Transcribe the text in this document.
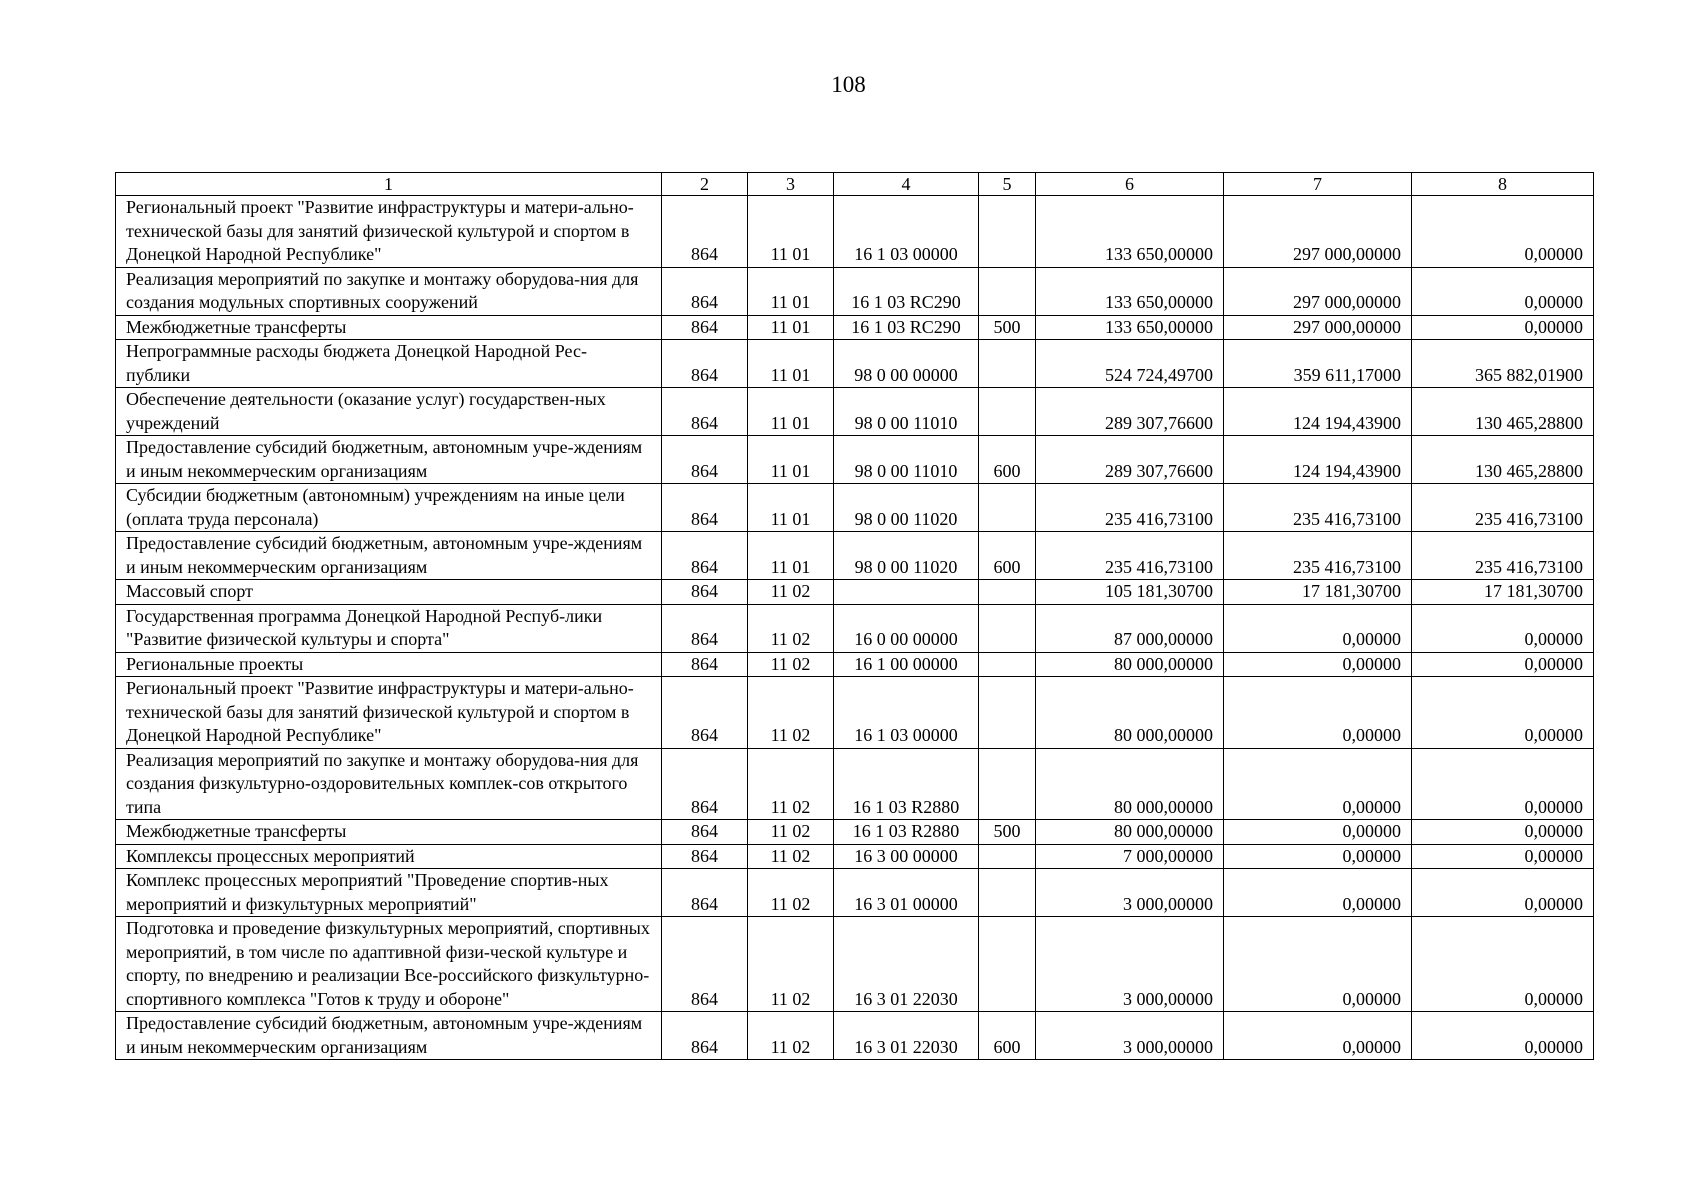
108
1	2	3	4	5	6	7	8
Региональный проект "Развитие инфраструктуры и матери-ально-технической базы для занятий физической культурой и спортом в Донецкой Народной Республике"	864	11 01	16 1 03 00000		133 650,00000	297 000,00000	0,00000
Реализация мероприятий по закупке и монтажу оборудова-ния для создания модульных спортивных сооружений	864	11 01	16 1 03 RC290		133 650,00000	297 000,00000	0,00000
Межбюджетные трансферты	864	11 01	16 1 03 RC290	500	133 650,00000	297 000,00000	0,00000
Непрограммные расходы бюджета Донецкой Народной Рес-публики	864	11 01	98 0 00 00000		524 724,49700	359 611,17000	365 882,01900
Обеспечение деятельности (оказание услуг) государствен-ных учреждений	864	11 01	98 0 00 11010		289 307,76600	124 194,43900	130 465,28800
Предоставление субсидий бюджетным, автономным учре-ждениям и иным некоммерческим организациям	864	11 01	98 0 00 11010	600	289 307,76600	124 194,43900	130 465,28800
Субсидии бюджетным (автономным) учреждениям на иные цели (оплата труда персонала)	864	11 01	98 0 00 11020		235 416,73100	235 416,73100	235 416,73100
Предоставление субсидий бюджетным, автономным учре-ждениям и иным некоммерческим организациям	864	11 01	98 0 00 11020	600	235 416,73100	235 416,73100	235 416,73100
Массовый спорт	864	11 02			105 181,30700	17 181,30700	17 181,30700
Государственная программа Донецкой Народной Респуб-лики "Развитие физической культуры и спорта"	864	11 02	16 0 00 00000		87 000,00000	0,00000	0,00000
Региональные проекты	864	11 02	16 1 00 00000		80 000,00000	0,00000	0,00000
Региональный проект "Развитие инфраструктуры и матери-ально-технической базы для занятий физической культурой и спортом в Донецкой Народной Республике"	864	11 02	16 1 03 00000		80 000,00000	0,00000	0,00000
Реализация мероприятий по закупке и монтажу оборудова-ния для создания физкультурно-оздоровительных комплек-сов открытого типа	864	11 02	16 1 03 R2880		80 000,00000	0,00000	0,00000
Межбюджетные трансферты	864	11 02	16 1 03 R2880	500	80 000,00000	0,00000	0,00000
Комплексы процессных мероприятий	864	11 02	16 3 00 00000		7 000,00000	0,00000	0,00000
Комплекс процессных мероприятий "Проведение спортив-ных мероприятий и физкультурных мероприятий"	864	11 02	16 3 01 00000		3 000,00000	0,00000	0,00000
Подготовка и проведение физкультурных мероприятий, спортивных мероприятий, в том числе по адаптивной физи-ческой культуре и спорту, по внедрению и реализации Все-российского физкультурно-спортивного комплекса "Готов к труду и обороне"	864	11 02	16 3 01 22030		3 000,00000	0,00000	0,00000
Предоставление субсидий бюджетным, автономным учре-ждениям и иным некоммерческим организациям	864	11 02	16 3 01 22030	600	3 000,00000	0,00000	0,00000
